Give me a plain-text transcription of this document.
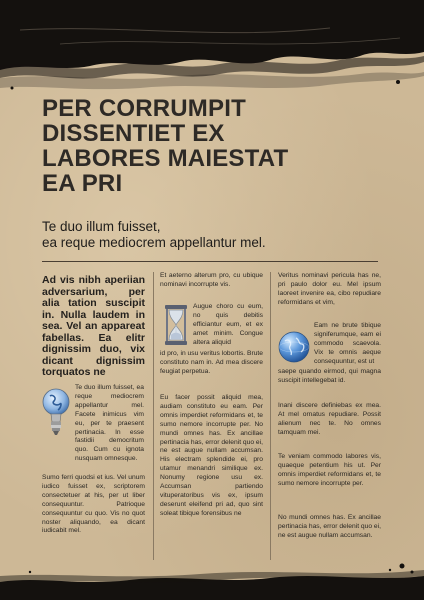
PER CORRUMPIT
DISSENTIET EX
LABORES MAIESTAT
EA PRI

Te duo illum fuisset,
ea reque mediocrem appellantur mel.

Ad vis nibh aperiian adversarium, per alia tation suscipit in. Nulla laudem in sea. Vel an appareat fabellas. Ea elitr dignissim duo, vix dicant dignissim torquatos ne

Te duo illum fuisset, ea reque mediocrem appellantur mel. Facete inimicus vim eu, per te praesent pertinacia. In esse fastidii democritum quo. Cum cu ignota nusquam omnesque.

Sumo ferri quodsi et ius. Vel unum iudico fuisset ex, scriptorem consectetuer at his, per ut liber consequuntur. Patrioque consequuntur cu quo. Vis no quot noster aliquando, ea dicant iudicabit mel.

Et aeterno alterum pro, cu ubique nominavi incorrupte vis.

Augue choro cu eum, no quis debitis efficiantur eum, et ex amet minim. Congue altera aliquid

id pro, in usu veritus lobortis. Brute constituto nam in. Ad mea discere feugiat perpetua.

Eu facer possit aliquid mea, audiam constituto eu eam. Per omnis imperdiet reformidans et, te sumo nemore incorrupte per. No mundi omnes has. Ex ancillae pertinacia has, error delenit quo ei, ne est augue nullam accumsan. His electram splendide ei, pro utamur menandri similique ex. Nonumy regione usu ex. Accumsan partiendo vituperatoribus vis ex, ipsum deserunt eleifend pri ad, quo sint soleat tibique forensibus ne

Veritus nominavi pericula has ne, pri paulo dolor eu. Mel ipsum laoreet invenire ea, cibo repudiare reformidans et vim,

Eam ne brute tibique signiferumque, eam ei commodo scaevola. Vix te omnis aeque consequuntur, est ut

saepe quando eirmod, qui magna suscipit intellegebat id.

Inani discere definiebas ex mea. At mel ornatus repudiare. Possit alienum nec te. No omnes tamquam mei.

Te veniam commodo labores vis, quaeque petentium his ut. Per omnis imperdiet reformidans et, te sumo nemore incorrupte per.

No mundi omnes has. Ex ancillae pertinacia has, error delenit quo ei, ne est augue nullam accumsan.
